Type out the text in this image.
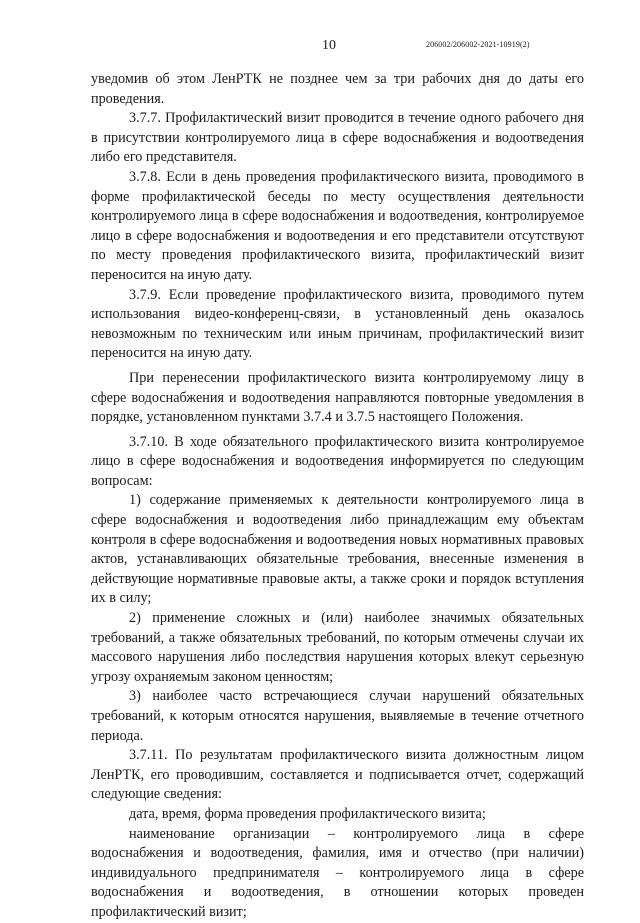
10	206002/206002-2021-10919(2)

уведомив об этом ЛенРТК не позднее чем за три рабочих дня до даты его проведения.

3.7.7. Профилактический визит проводится в течение одного рабочего дня в присутствии контролируемого лица в сфере водоснабжения и водоотведения либо его представителя.

3.7.8. Если в день проведения профилактического визита, проводимого в форме профилактической беседы по месту осуществления деятельности контролируемого лица в сфере водоснабжения и водоотведения, контролируемое лицо в сфере водоснабжения и водоотведения и его представители отсутствуют по месту проведения профилактического визита, профилактический визит переносится на иную дату.

3.7.9. Если проведение профилактического визита, проводимого путем использования видео-конференц-связи, в установленный день оказалось невозможным по техническим или иным причинам, профилактический визит переносится на иную дату.

При перенесении профилактического визита контролируемому лицу в сфере водоснабжения и водоотведения направляются повторные уведомления в порядке, установленном пунктами 3.7.4 и 3.7.5 настоящего Положения.

3.7.10. В ходе обязательного профилактического визита контролируемое лицо в сфере водоснабжения и водоотведения информируется по следующим вопросам:

1) содержание применяемых к деятельности контролируемого лица в сфере водоснабжения и водоотведения либо принадлежащим ему объектам контроля в сфере водоснабжения и водоотведения новых нормативных правовых актов, устанавливающих обязательные требования, внесенные изменения в действующие нормативные правовые акты, а также сроки и порядок вступления их в силу;

2) применение сложных и (или) наиболее значимых обязательных требований, а также обязательных требований, по которым отмечены случаи их массового нарушения либо последствия нарушения которых влекут серьезную угрозу охраняемым законом ценностям;

3) наиболее часто встречающиеся случаи нарушений обязательных требований, к которым относятся нарушения, выявляемые в течение отчетного периода.

3.7.11. По результатам профилактического визита должностным лицом ЛенРТК, его проводившим, составляется и подписывается отчет, содержащий следующие сведения:

дата, время, форма проведения профилактического визита;

наименование организации – контролируемого лица в сфере водоснабжения и водоотведения, фамилия, имя и отчество (при наличии) индивидуального предпринимателя – контролируемого лица в сфере водоснабжения и водоотведения, в отношении которых проведен профилактический визит;
